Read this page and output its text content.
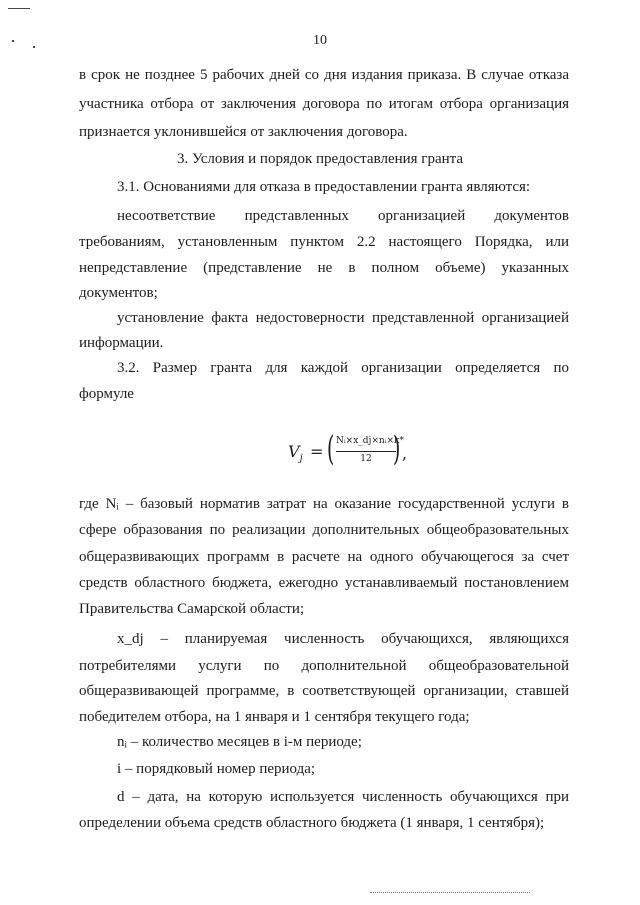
10
в срок не позднее 5 рабочих дней со дня издания приказа. В случае отказа
участника отбора от заключения договора по итогам отбора организация
признается уклонившейся от заключения договора.
3. Условия и порядок предоставления гранта
3.1. Основаниями для отказа в предоставлении гранта являются:
несоответствие представленных организацией документов
требованиям, установленным пунктом 2.2 настоящего Порядка, или
непредставление (представление не в полном объеме) указанных
документов;
установление факта недостоверности представленной организацией
информации.
3.2. Размер гранта для каждой организации определяется по
формуле
$V_j$ = ( Nᵢ×x_dj×nᵢ×k*
12 ) ,
где Nᵢ – базовый норматив затрат на оказание государственной услуги в
сфере образования по реализации дополнительных общеобразовательных
общеразвивающих программ в расчете на одного обучающегося за счет
средств областного бюджета, ежегодно устанавливаемый постановлением
Правительства Самарской области;
x_dj – планируемая численность обучающихся, являющихся
потребителями услуги по дополнительной общеобразовательной
общеразвивающей программе, в соответствующей организации, ставшей
победителем отбора, на 1 января и 1 сентября текущего года;
nᵢ – количество месяцев в i-м периоде;
i – порядковый номер периода;
d – дата, на которую используется численность обучающихся при
определении объема средств областного бюджета (1 января, 1 сентября);
